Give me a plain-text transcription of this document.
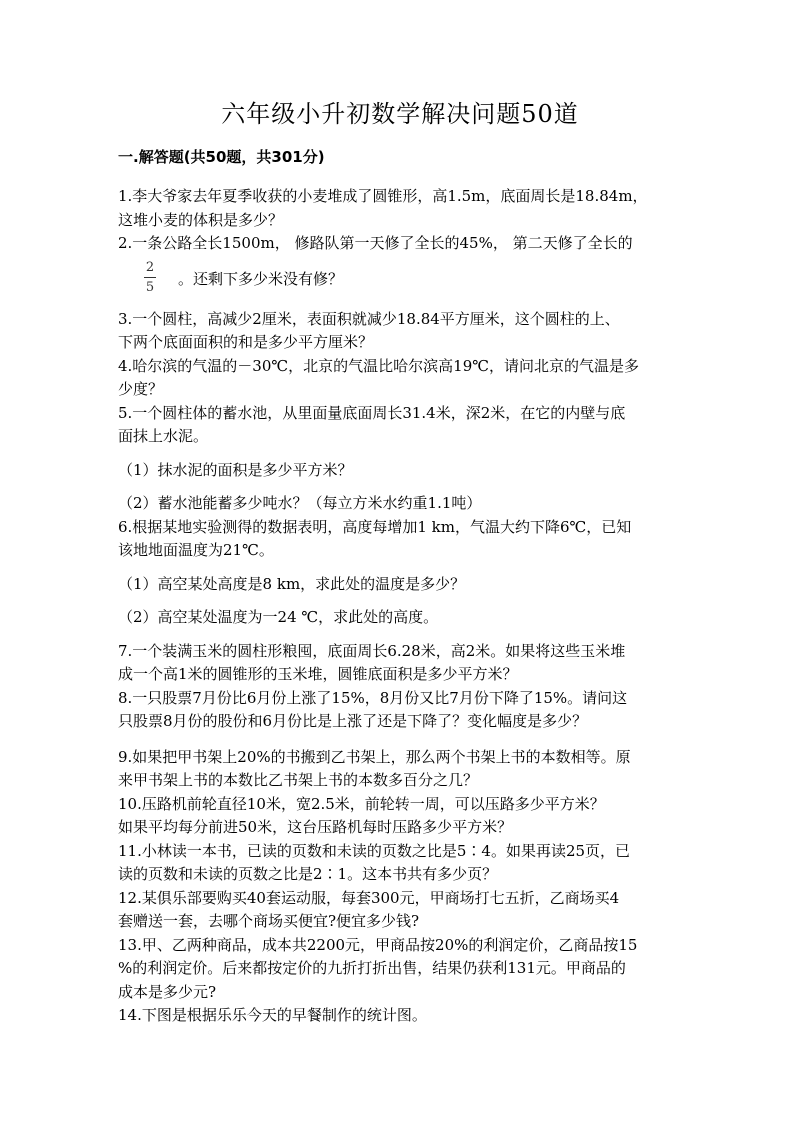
六年级小升初数学解决问题50道
一.解答题(共50题，共301分)
1.李大爷家去年夏季收获的小麦堆成了圆锥形，高1.5m，底面周长是18.84m，
这堆小麦的体积是多少？
2.一条公路全长1500m， 修路队第一天修了全长的45%， 第二天修了全长的
2
5 。还剩下多少米没有修？
3.一个圆柱，高减少2厘米，表面积就减少18.84平方厘米，这个圆柱的上、
下两个底面面积的和是多少平方厘米？
4.哈尔滨的气温的－30℃，北京的气温比哈尔滨高19℃，请问北京的气温是多
少度？
5.一个圆柱体的蓄水池，从里面量底面周长31.4米，深2米，在它的内壁与底
面抹上水泥。
（1）抹水泥的面积是多少平方米？
（2）蓄水池能蓄多少吨水？（每立方米水约重1.1吨）
6.根据某地实验测得的数据表明，高度每增加1 km，气温大约下降6℃，已知
该地地面温度为21℃。
（1）高空某处高度是8 km，求此处的温度是多少？
（2）高空某处温度为一24 ℃，求此处的高度。
7.一个装满玉米的圆柱形粮囤，底面周长6.28米，高2米。如果将这些玉米堆
成一个高1米的圆锥形的玉米堆，圆锥底面积是多少平方米？
8.一只股票7月份比6月份上涨了15%，8月份又比7月份下降了15%。请问这
只股票8月份的股份和6月份比是上涨了还是下降了？变化幅度是多少？
9.如果把甲书架上20%的书搬到乙书架上，那么两个书架上书的本数相等。原
来甲书架上书的本数比乙书架上书的本数多百分之几？
10.压路机前轮直径10米，宽2.5米，前轮转一周，可以压路多少平方米？
如果平均每分前进50米，这台压路机每时压路多少平方米？
11.小林读一本书，已读的页数和未读的页数之比是5∶4。如果再读25页，已
读的页数和未读的页数之比是2∶1。这本书共有多少页？
12.某俱乐部要购买40套运动服，每套300元，甲商场打七五折，乙商场买4
套赠送一套，去哪个商场买便宜?便宜多少钱?
13.甲、乙两种商品，成本共2200元，甲商品按20%的利润定价，乙商品按15
%的利润定价。后来都按定价的九折打折出售，结果仍获利131元。甲商品的
成本是多少元?
14.下图是根据乐乐今天的早餐制作的统计图。
